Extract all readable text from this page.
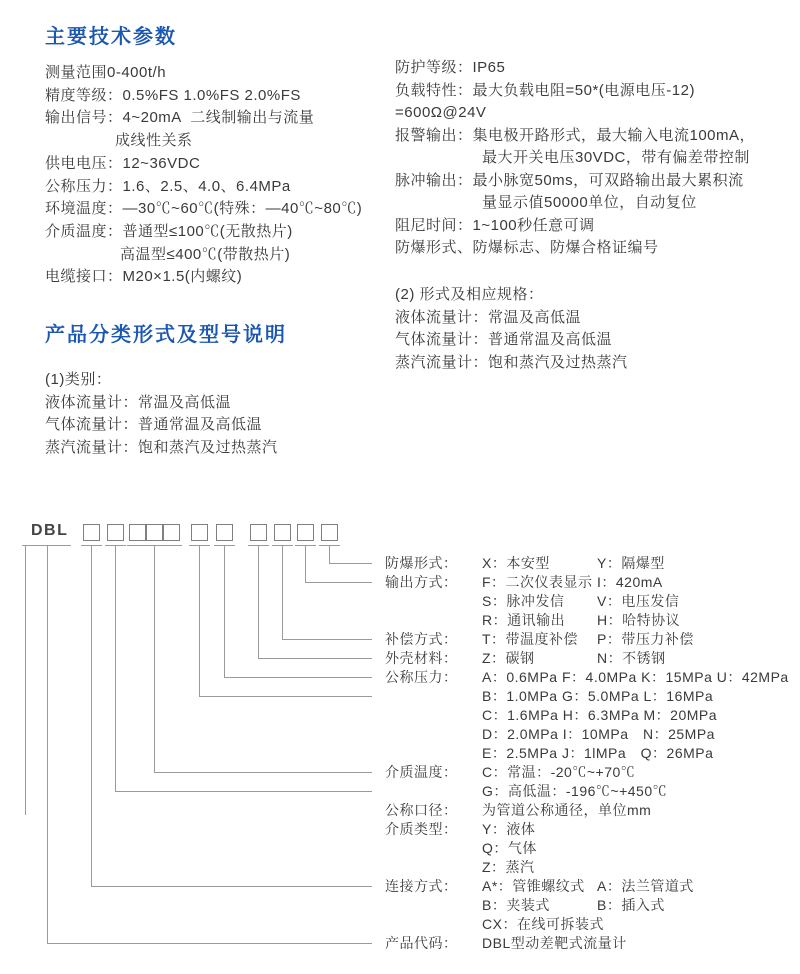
主要技术参数
测量范围0-400t/h
精度等级：0.5%FS 1.0%FS 2.0%FS
输出信号：4~20mA  二线制输出与流量
成线性关系
供电电压：12~36VDC
公称压力：1.6、2.5、4.0、6.4MPa
环境温度：—30℃~60℃(特殊：—40℃~80℃)
介质温度：普通型≤100℃(无散热片)
高温型≤400℃(带散热片)
电缆接口：M20×1.5(内螺纹)
防护等级：IP65
负载特性：最大负载电阻=50*(电源电压-12)
=600Ω@24V
报警输出：集电极开路形式，最大输入电流100mA，
最大开关电压30VDC，带有偏差带控制
脉冲输出：最小脉宽50ms，可双路输出最大累积流
量显示值50000单位，自动复位
阻尼时间：1~100秒任意可调
防爆形式、防爆标志、防爆合格证编号
产品分类形式及型号说明
(1)类别：
液体流量计：常温及高低温
气体流量计：普通常温及高低温
蒸汽流量计：饱和蒸汽及过热蒸汽
(2) 形式及相应规格：
液体流量计：常温及高低温
气体流量计：普通常温及高低温
蒸汽流量计：饱和蒸汽及过热蒸汽
DBL
防爆形式： X：本安型	Y：隔爆型
输出方式： F：二次仪表显示 I：420mA
S：脉冲发信 V：电压发信
R：通讯输出 H：哈特协议
补偿方式： T：带温度补偿 P：带压力补偿
外壳材料： Z：碳钢	N：不锈钢
公称压力： A：0.6MPa F：4.0MPa K：15MPa U：42MPa
B：1.0MPa G：5.0MPa L：16MPa
C：1.6MPa H：6.3MPa M：20MPa
D：2.0MPa I：10MPa　N：25MPa
E：2.5MPa J：1lMPa　Q：26MPa
介质温度： C：常温：-20℃~+70℃
G：高低温：-196℃~+450℃
公称口径： 为管道公称通径，单位mm
介质类型： Y：液体
Q：气体
Z：蒸汽
连接方式： A*：管锥螺纹式 A：法兰管道式
B：夹装式	B：插入式
CX：在线可拆装式
产品代码： DBL型动差靶式流量计
